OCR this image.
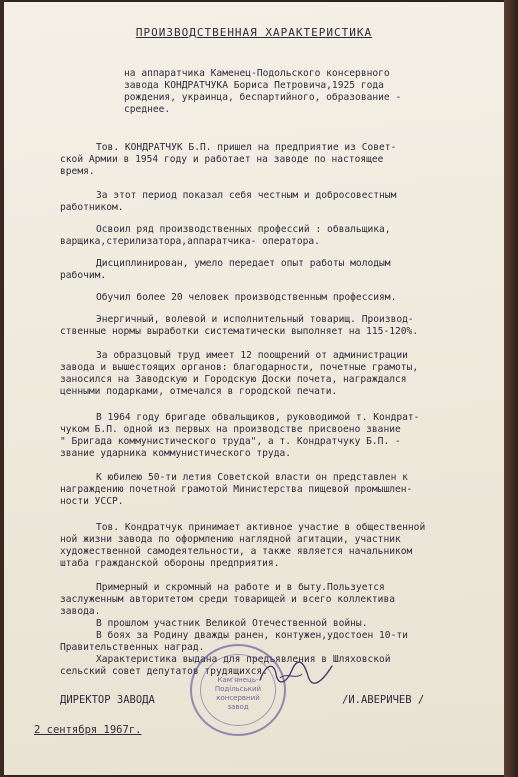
ПРОИЗВОДСТВЕННАЯ ХАРАКТЕРИСТИКА
на аппаратчика Каменец-Подольского консервного
завода КОНДРАТЧУКА Бориса Петровича,1925 года
рождения, украинца, беспартийного, образование -
среднее.
Тов. КОНДРАТЧУК Б.П. пришел на предприятие из Совет-
ской Армии в 1954 году и работает на заводе по настоящее
время.
За этот период показал себя честным и добросовестным
работником.
Освоил ряд производственных профессий : обвальщика,
варщика,стерилизатора,аппаратчика- оператора.
Дисциплинирован, умело передает опыт работы молодым
рабочим.
Обучил более 20 человек производственным профессиям.
Энергичный, волевой и исполнительный товарищ. Производ-
ственные нормы выработки систематически выполняет на 115-120%.
За образцовый труд имеет 12 поощрений от администрации
завода и вышестоящих органов: благодарности, почетные грамоты,
заносился на Заводскую и Городскую Доски почета, награждался
ценными подарками, отмечался в городской печати.
В 1964 году бригаде обвальщиков, руководимой т. Кондрат-
чуком Б.П. одной из первых на производстве присвоено звание
" Бригада коммунистического труда", а т. Кондратчуку Б.П. -
звание ударника коммунистического труда.
К юбилею 50-ти летия Советской власти он представлен к
награждению почетной грамотой Министерства пищевой промышлен-
ности УССР.
Тов. Кондратчук принимает активное участие в общественной
ной жизни завода по оформлению наглядной агитации, участник
художественной самодеятельности, а также является начальником
штаба гражданской обороны предприятия.
Примерный и скромный на работе и в быту.Пользуется
заслуженным авторитетом среди товарищей и всего коллектива
завода.
В прошлом участник Великой Отечественной войны.
В боях за Родину дважды ранен, контужен,удостоен 10-ти
Правительственных наград.
Характеристика выдана для предъявления в Шляховской
сельский совет депутатов трудящихся.
ДИРЕКТОР ЗАВОДА	/И.АВЕРИЧЕВ /
2 сентября 1967г.
Кам'янець-
Подільський
консервний
завод
